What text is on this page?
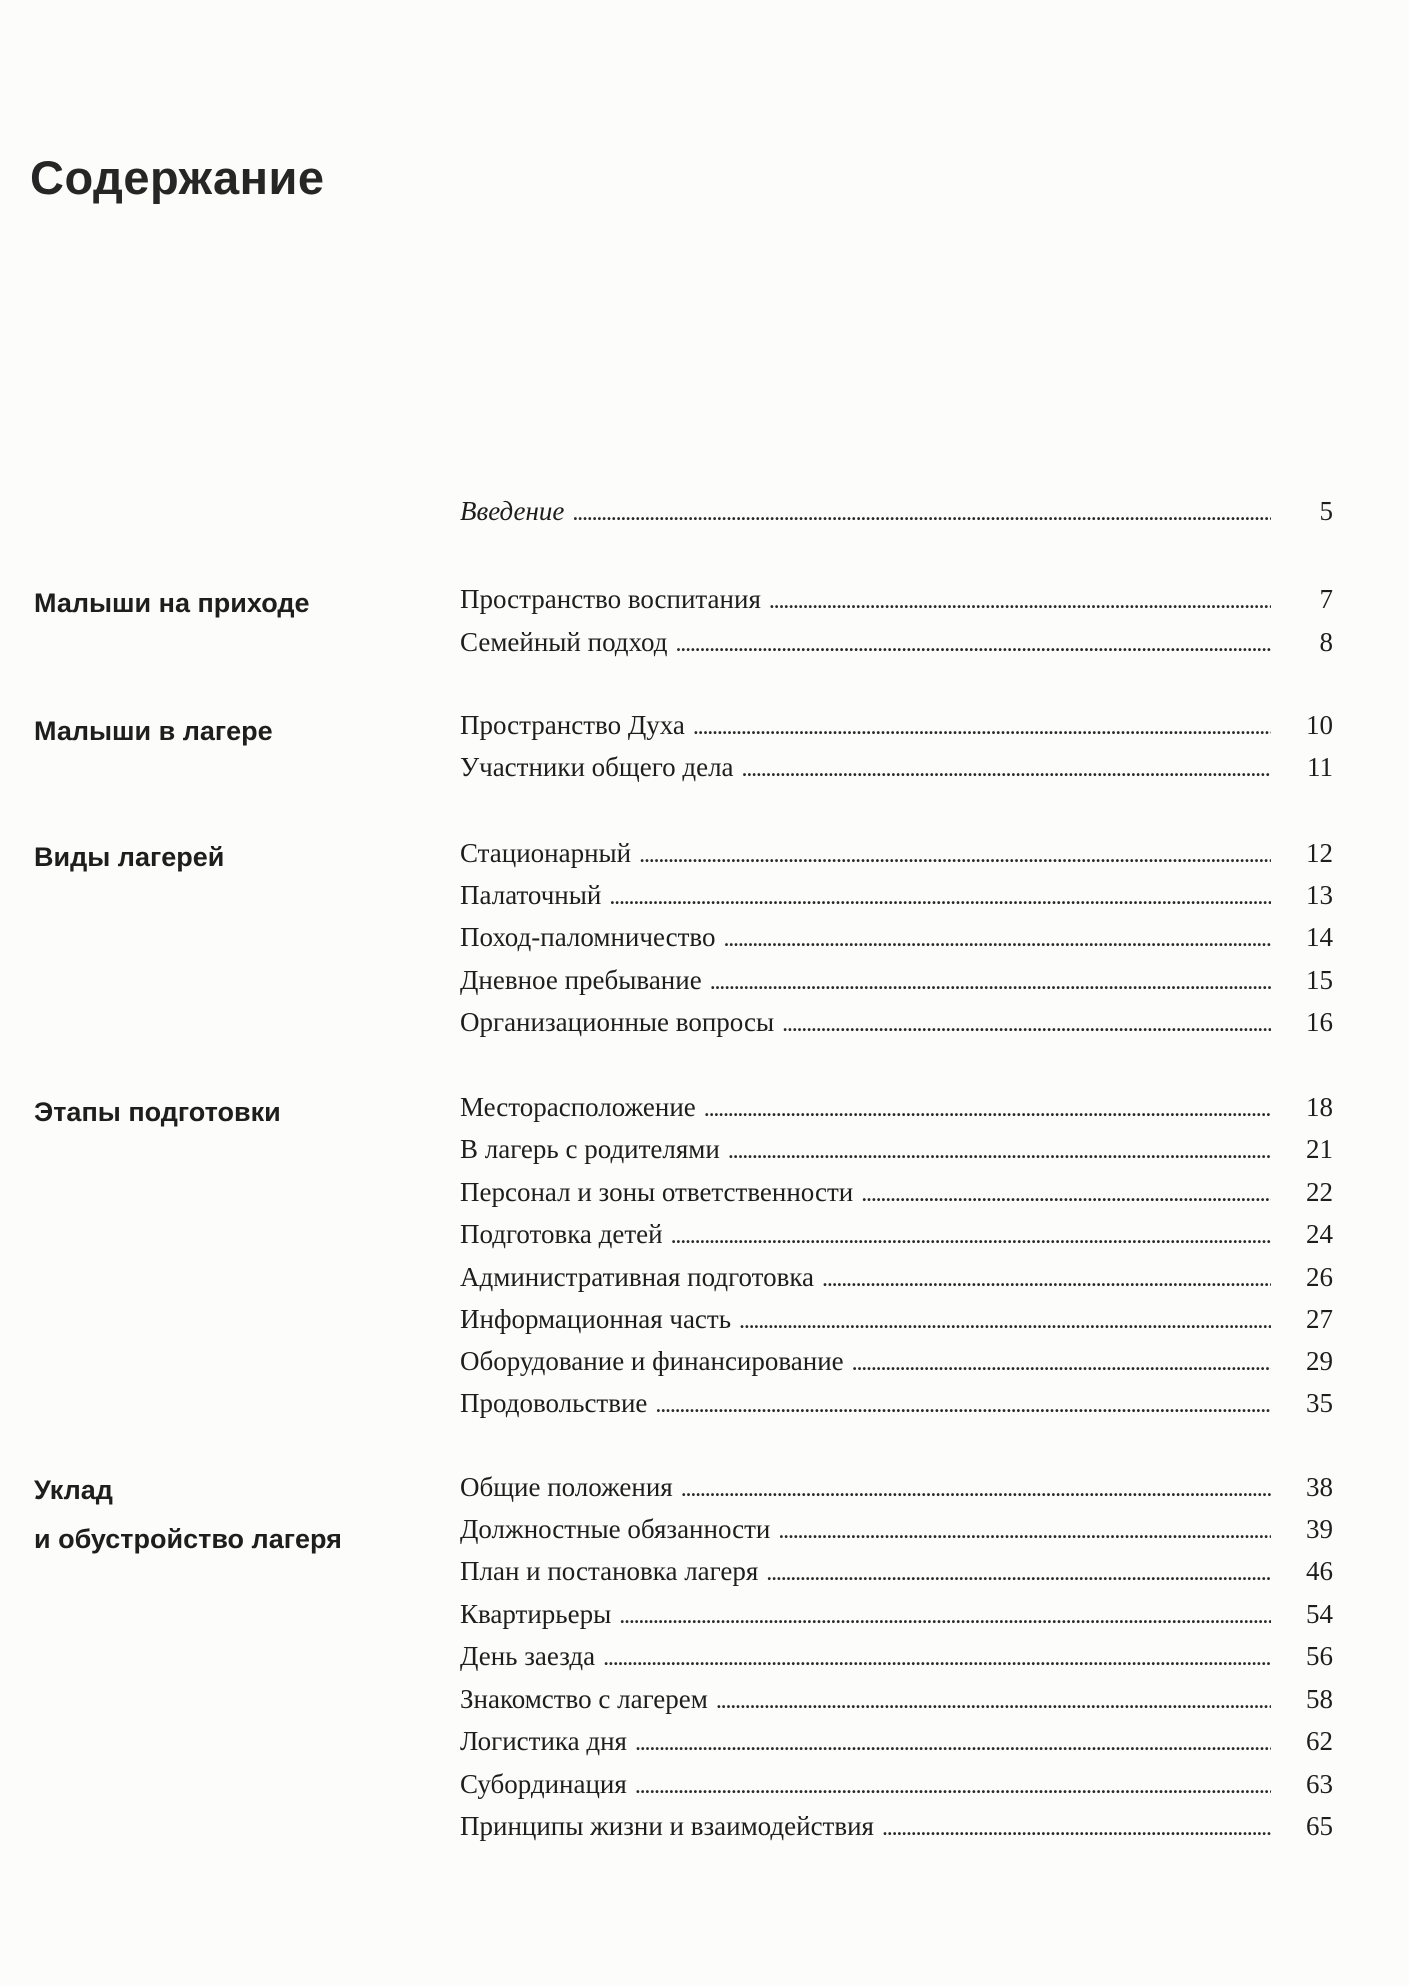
Содержание
Введение . . .	5
Малыши на приходе	Пространство воспитания . . .	7
Семейный подход . . .	8
Малыши в лагере	Пространство Духа . . .	10
Участники общего дела . . .	11
Виды лагерей	Стационарный . . .	12
Палаточный . . .	13
Поход-паломничество . . .	14
Дневное пребывание . . .	15
Организационные вопросы . . .	16
Этапы подготовки	Месторасположение . . .	18
В лагерь с родителями . . .	21
Персонал и зоны ответственности . . .	22
Подготовка детей . . .	24
Административная подготовка . . .	26
Информационная часть . . .	27
Оборудование и финансирование . . .	29
Продовольствие . . .	35
Уклад
и обустройство лагеря
Общие положения . . .	38
Должностные обязанности . . .	39
План и постановка лагеря . . .	46
Квартирьеры . . .	54
День заезда . . .	56
Знакомство с лагерем . . .	58
Логистика дня . . .	62
Субординация . . .	63
Принципы жизни и взаимодействия . . .	65
